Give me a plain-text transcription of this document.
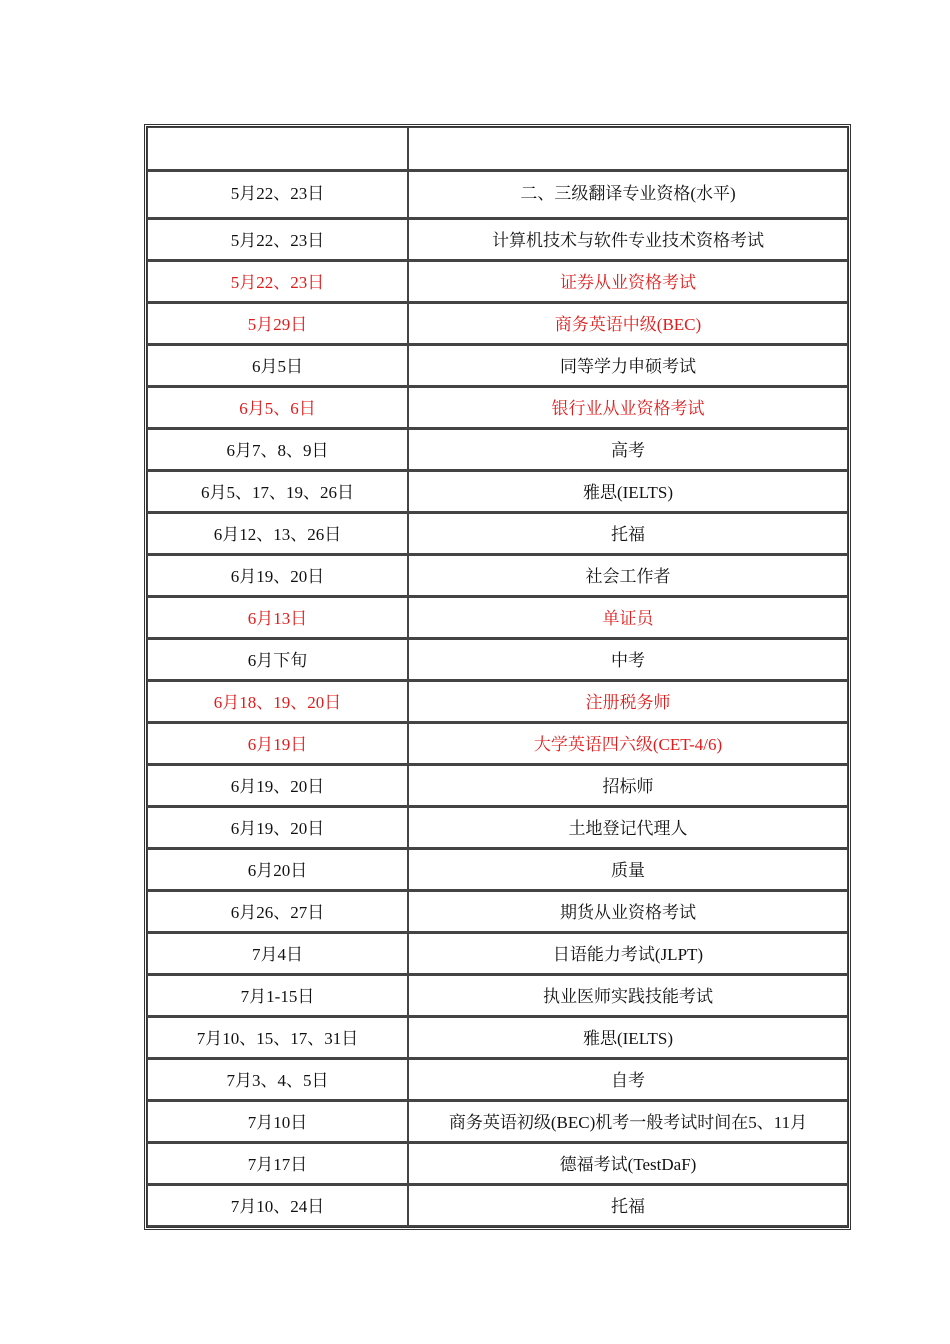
5月22、23日	二、三级翻译专业资格(水平)
5月22、23日	计算机技术与软件专业技术资格考试
5月22、23日	证券从业资格考试
5月29日	商务英语中级(BEC)
6月5日	同等学力申硕考试
6月5、6日	银行业从业资格考试
6月7、8、9日	高考
6月5、17、19、26日	雅思(IELTS)
6月12、13、26日	托福
6月19、20日	社会工作者
6月13日	单证员
6月下旬	中考
6月18、19、20日	注册税务师
6月19日	大学英语四六级(CET-4/6)
6月19、20日	招标师
6月19、20日	土地登记代理人
6月20日	质量
6月26、27日	期货从业资格考试
7月4日	日语能力考试(JLPT)
7月1-15日	执业医师实践技能考试
7月10、15、17、31日	雅思(IELTS)
7月3、4、5日	自考
7月10日	商务英语初级(BEC)机考一般考试时间在5、11月
7月17日	德福考试(TestDaF)
7月10、24日	托福
